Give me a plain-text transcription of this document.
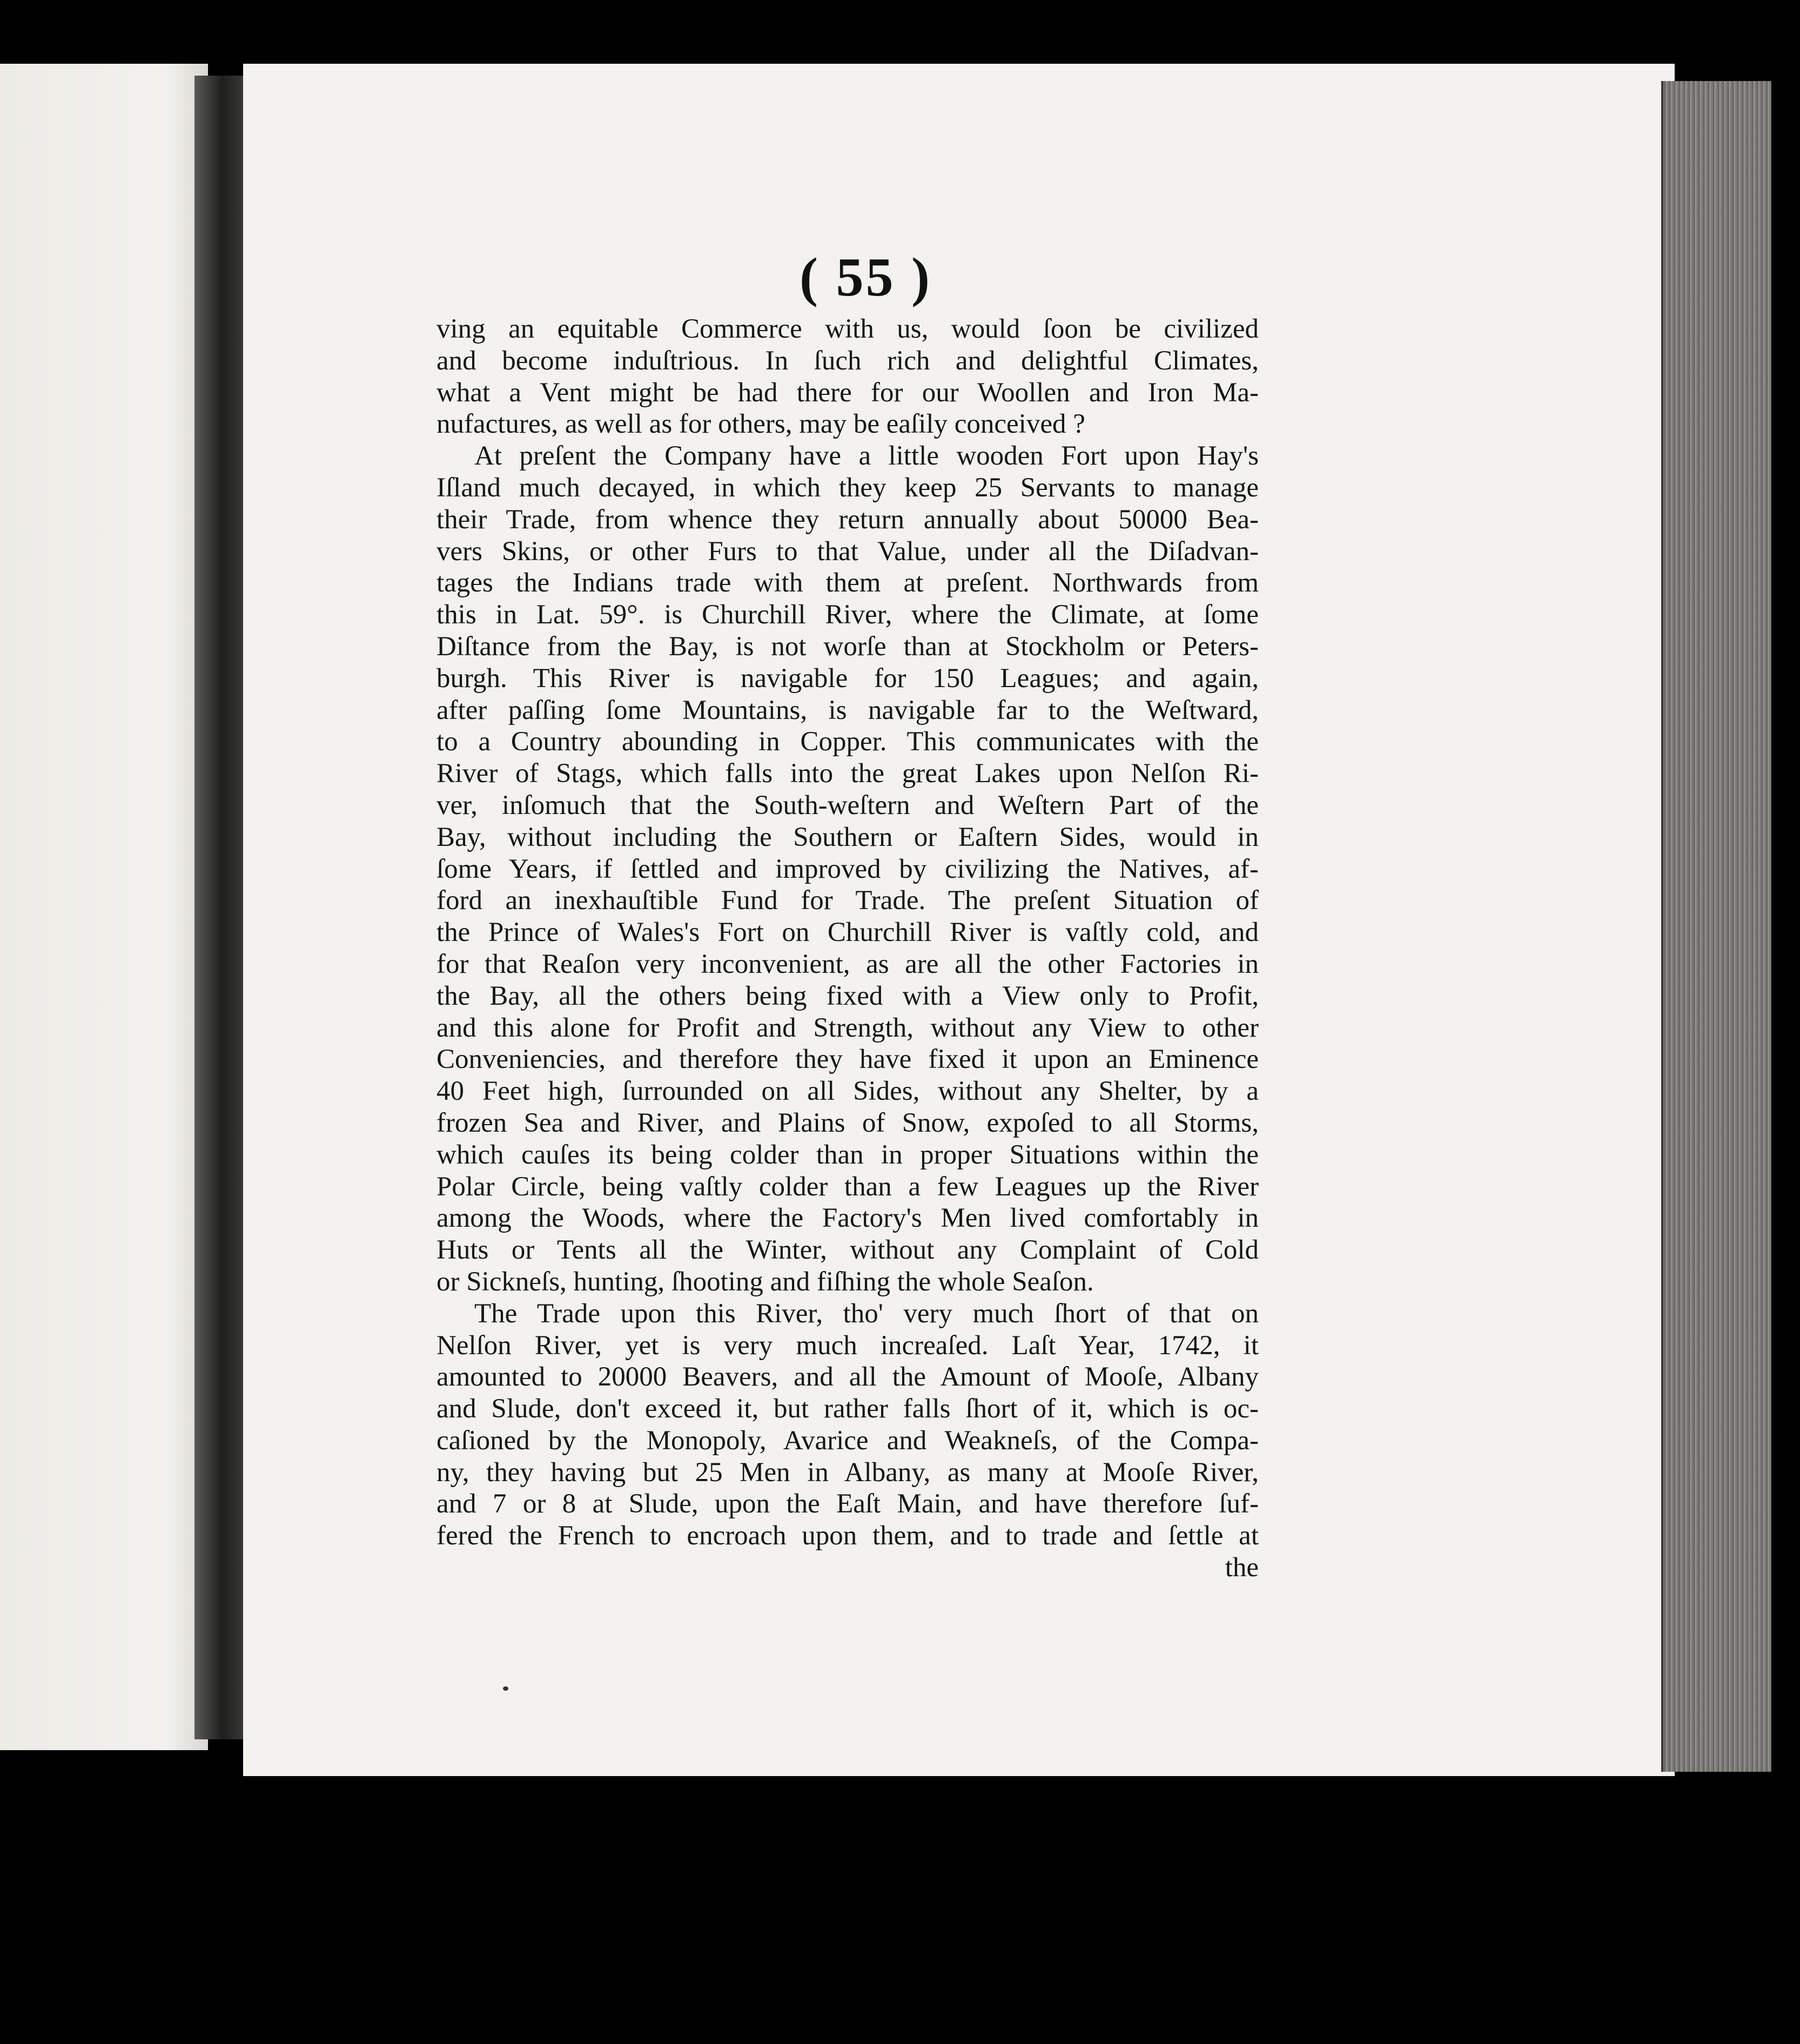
( 55 )
ving an equitable Commerce with us, would ſoon be civilized
and become induſtrious. In ſuch rich and delightful Climates,
what a Vent might be had there for our Woollen and Iron Ma-
nufactures, as well as for others, may be eaſily conceived ?
At preſent the Company have a little wooden Fort upon Hay's
Iſland much decayed, in which they keep 25 Servants to manage
their Trade, from whence they return annually about 50000 Bea-
vers Skins, or other Furs to that Value, under all the Diſadvan-
tages the Indians trade with them at preſent. Northwards from
this in Lat. 59°. is Churchill River, where the Climate, at ſome
Diſtance from the Bay, is not worſe than at Stockholm or Peters-
burgh. This River is navigable for 150 Leagues; and again,
after paſſing ſome Mountains, is navigable far to the Weſtward,
to a Country abounding in Copper. This communicates with the
River of Stags, which falls into the great Lakes upon Nelſon Ri-
ver, inſomuch that the South-weſtern and Weſtern Part of the
Bay, without including the Southern or Eaſtern Sides, would in
ſome Years, if ſettled and improved by civilizing the Natives, af-
ford an inexhauſtible Fund for Trade. The preſent Situation of
the Prince of Wales's Fort on Churchill River is vaſtly cold, and
for that Reaſon very inconvenient, as are all the other Factories in
the Bay, all the others being fixed with a View only to Profit,
and this alone for Profit and Strength, without any View to other
Conveniencies, and therefore they have fixed it upon an Eminence
40 Feet high, ſurrounded on all Sides, without any Shelter, by a
frozen Sea and River, and Plains of Snow, expoſed to all Storms,
which cauſes its being colder than in proper Situations within the
Polar Circle, being vaſtly colder than a few Leagues up the River
among the Woods, where the Factory's Men lived comfortably in
Huts or Tents all the Winter, without any Complaint of Cold
or Sickneſs, hunting, ſhooting and fiſhing the whole Seaſon.
The Trade upon this River, tho' very much ſhort of that on
Nelſon River, yet is very much increaſed. Laſt Year, 1742, it
amounted to 20000 Beavers, and all the Amount of Mooſe, Albany
and Slude, don't exceed it, but rather falls ſhort of it, which is oc-
caſioned by the Monopoly, Avarice and Weakneſs, of the Compa-
ny, they having but 25 Men in Albany, as many at Mooſe River,
and 7 or 8 at Slude, upon the Eaſt Main, and have therefore ſuf-
fered the French to encroach upon them, and to trade and ſettle at
the
